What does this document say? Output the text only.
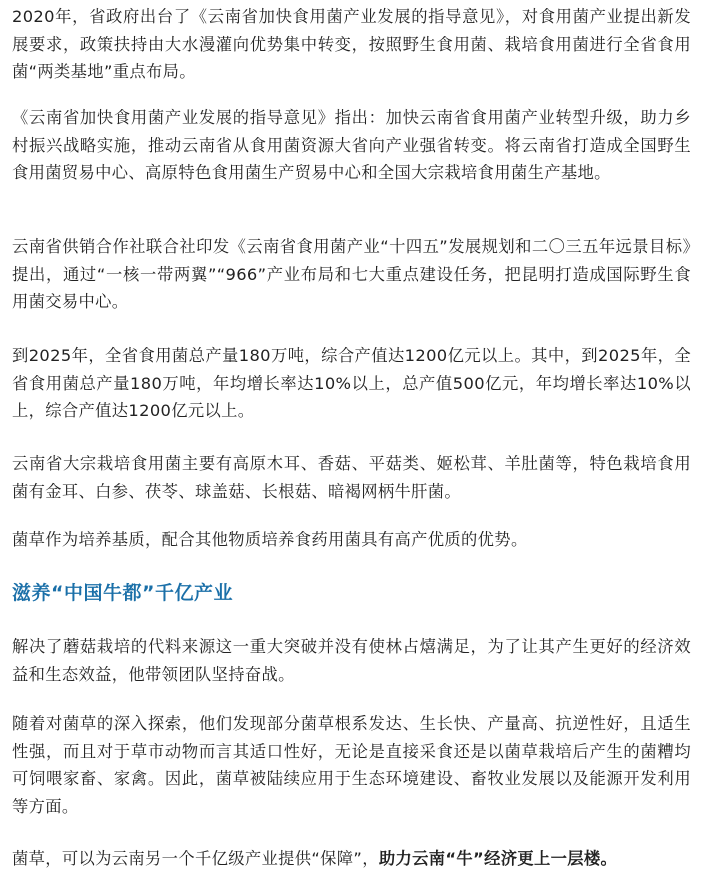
2020年，省政府出台了《云南省加快食用菌产业发展的指导意见》，对食用菌产业提出新发展要求，政策扶持由大水漫灌向优势集中转变，按照野生食用菌、栽培食用菌进行全省食用菌“两类基地”重点布局。

《云南省加快食用菌产业发展的指导意见》指出：加快云南省食用菌产业转型升级，助力乡村振兴战略实施，推动云南省从食用菌资源大省向产业强省转变。将云南省打造成全国野生食用菌贸易中心、高原特色食用菌生产贸易中心和全国大宗栽培食用菌生产基地。

云南省供销合作社联合社印发《云南省食用菌产业“十四五”发展规划和二〇三五年远景目标》提出，通过“一核一带两翼”“966”产业布局和七大重点建设任务，把昆明打造成国际野生食用菌交易中心。

到2025年，全省食用菌总产量180万吨，综合产值达1200亿元以上。其中，到2025年，全省食用菌总产量180万吨，年均增长率达10%以上，总产值500亿元，年均增长率达10%以上，综合产值达1200亿元以上。

云南省大宗栽培食用菌主要有高原木耳、香菇、平菇类、姬松茸、羊肚菌等，特色栽培食用菌有金耳、白参、茯苓、球盖菇、长根菇、暗褐网柄牛肝菌。

菌草作为培养基质，配合其他物质培养食药用菌具有高产优质的优势。

滋养“中国牛都”千亿产业

解决了蘑菇栽培的代料来源这一重大突破并没有使林占熺满足，为了让其产生更好的经济效益和生态效益，他带领团队坚持奋战。

随着对菌草的深入探索，他们发现部分菌草根系发达、生长快、产量高、抗逆性好，且适生性强，而且对于草市动物而言其适口性好，无论是直接采食还是以菌草栽培后产生的菌糟均可饲喂家畜、家禽。因此，菌草被陆续应用于生态环境建设、畜牧业发展以及能源开发利用等方面。

菌草，可以为云南另一个千亿级产业提供“保障”，助力云南“牛”经济更上一层楼。
